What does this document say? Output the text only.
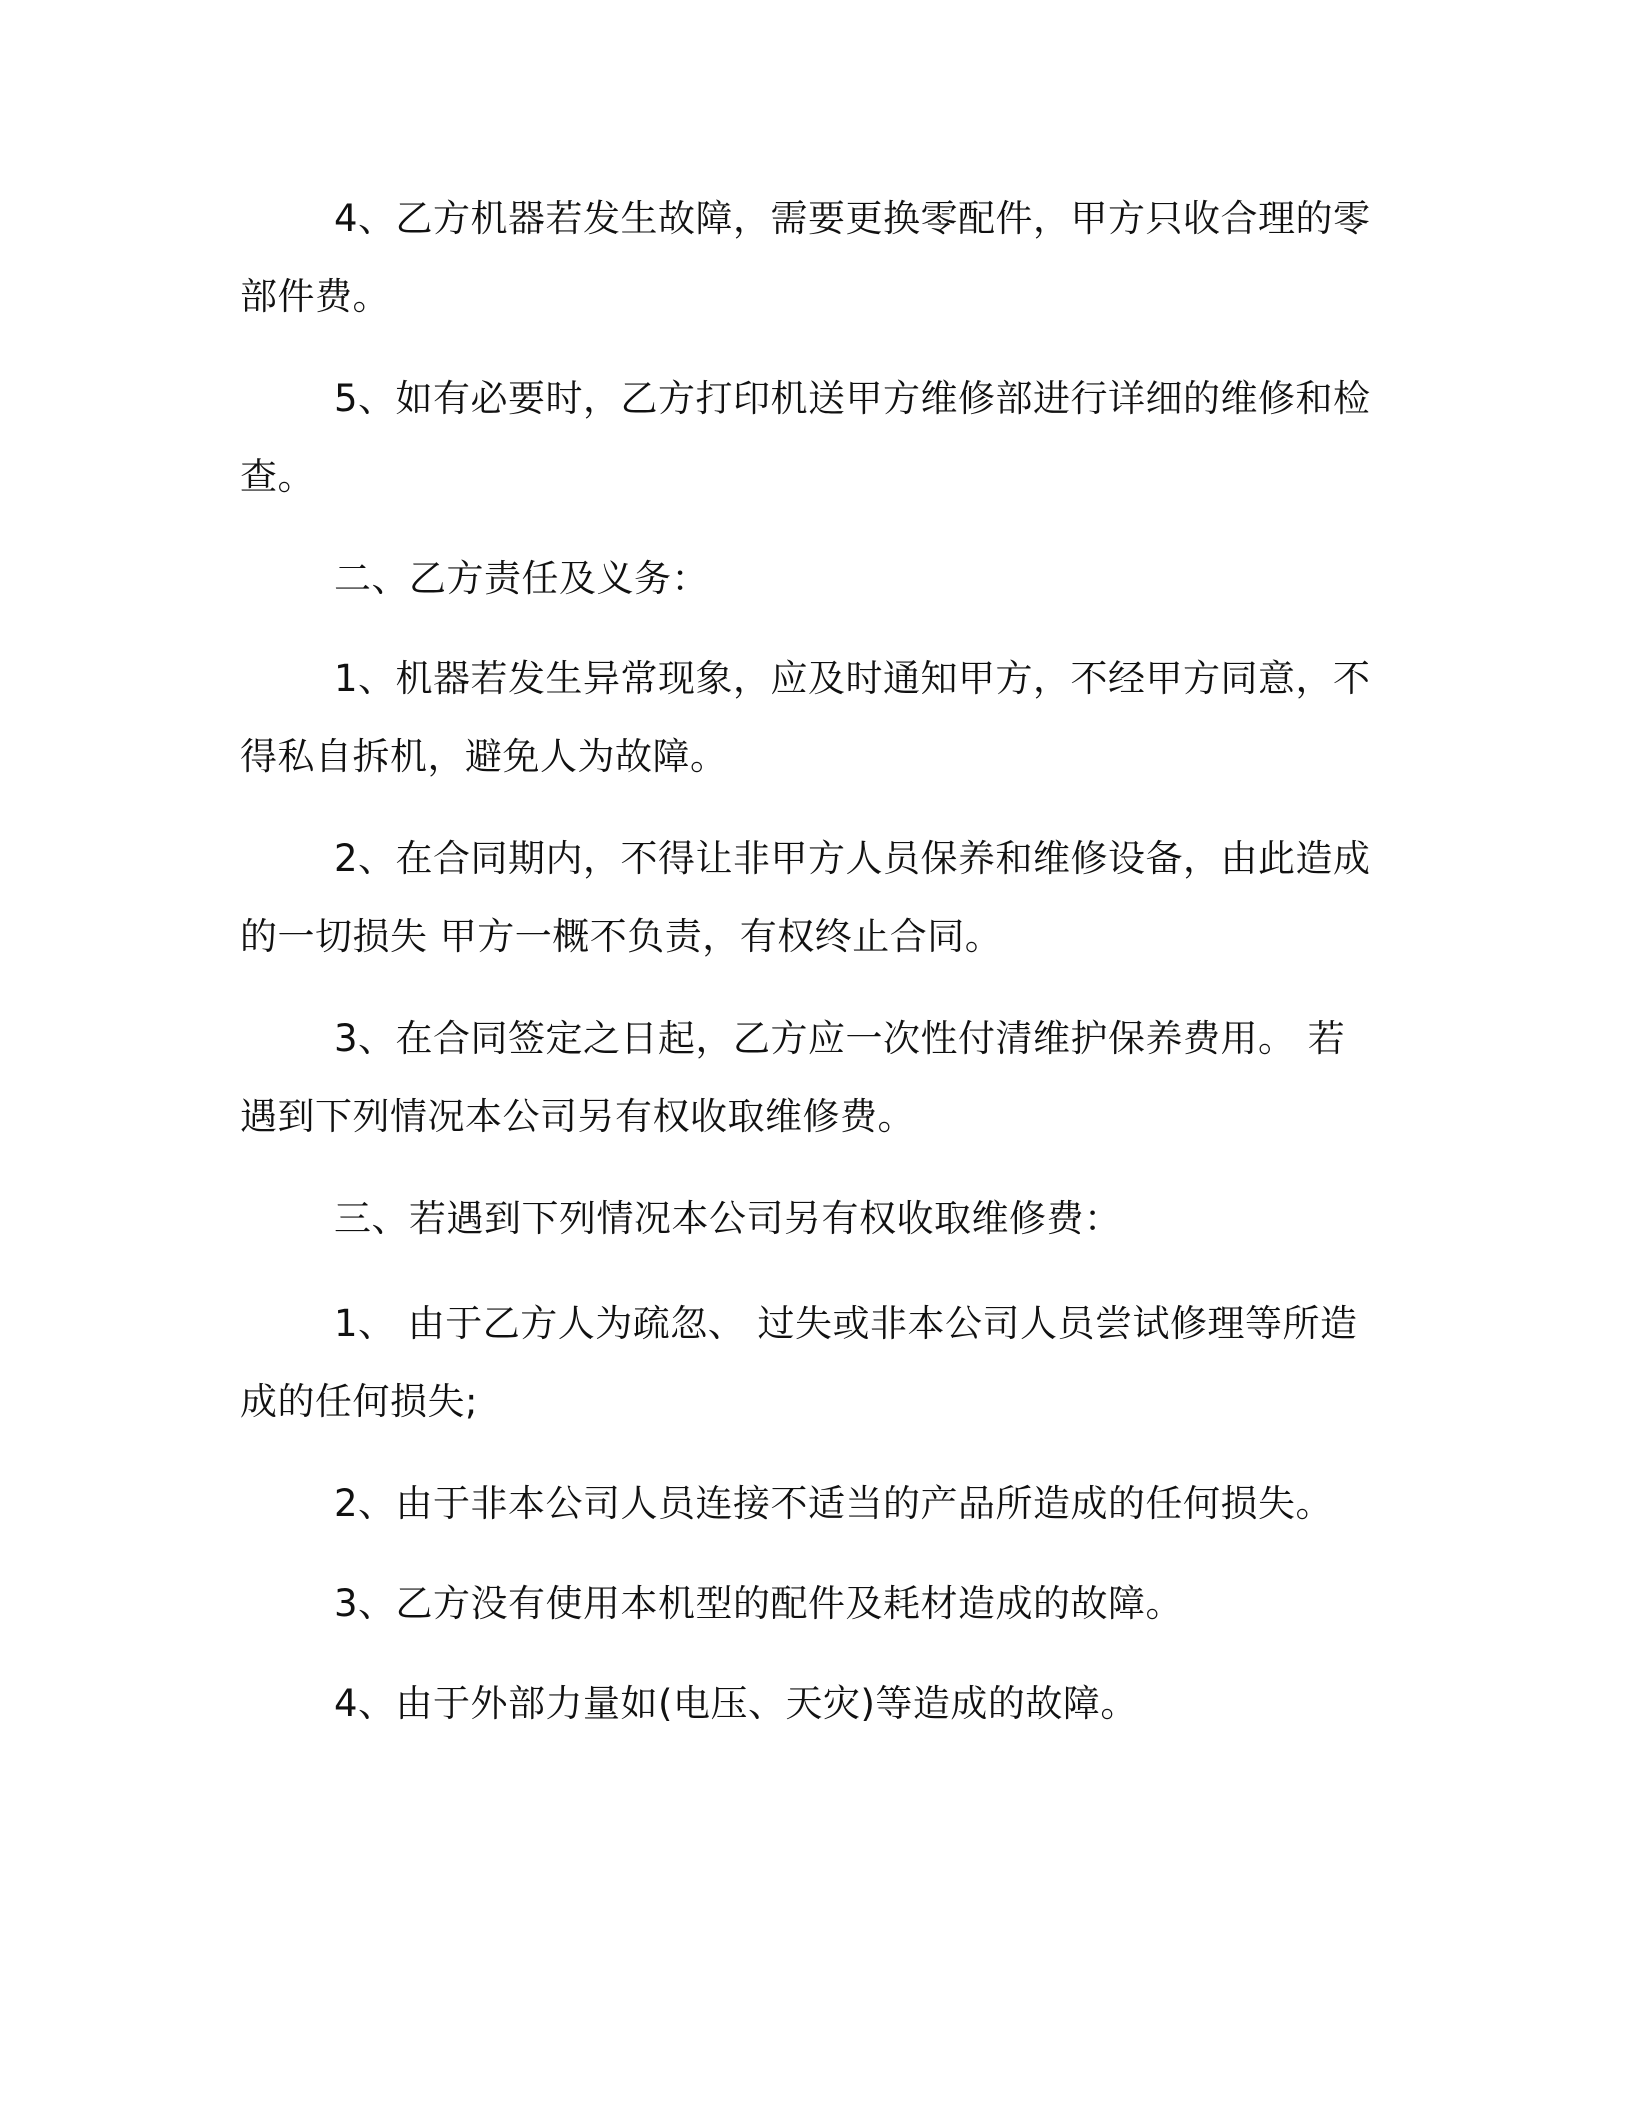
4、乙方机器若发生故障，需要更换零配件，甲方只收合理的零部件费。

5、如有必要时，乙方打印机送甲方维修部进行详细的维修和检查。

二、乙方责任及义务：

1、机器若发生异常现象，应及时通知甲方，不经甲方同意，不得私自拆机，避免人为故障。

2、在合同期内，不得让非甲方人员保养和维修设备，由此造成的一切损失 甲方一概不负责，有权终止合同。

3、在合同签定之日起，乙方应一次性付清维护保养费用。 若遇到下列情况本公司另有权收取维修费。

三、若遇到下列情况本公司另有权收取维修费：

1、 由于乙方人为疏忽、 过失或非本公司人员尝试修理等所造成的任何损失;

2、由于非本公司人员连接不适当的产品所造成的任何损失。

3、乙方没有使用本机型的配件及耗材造成的故障。

4、由于外部力量如(电压、天灾)等造成的故障。
